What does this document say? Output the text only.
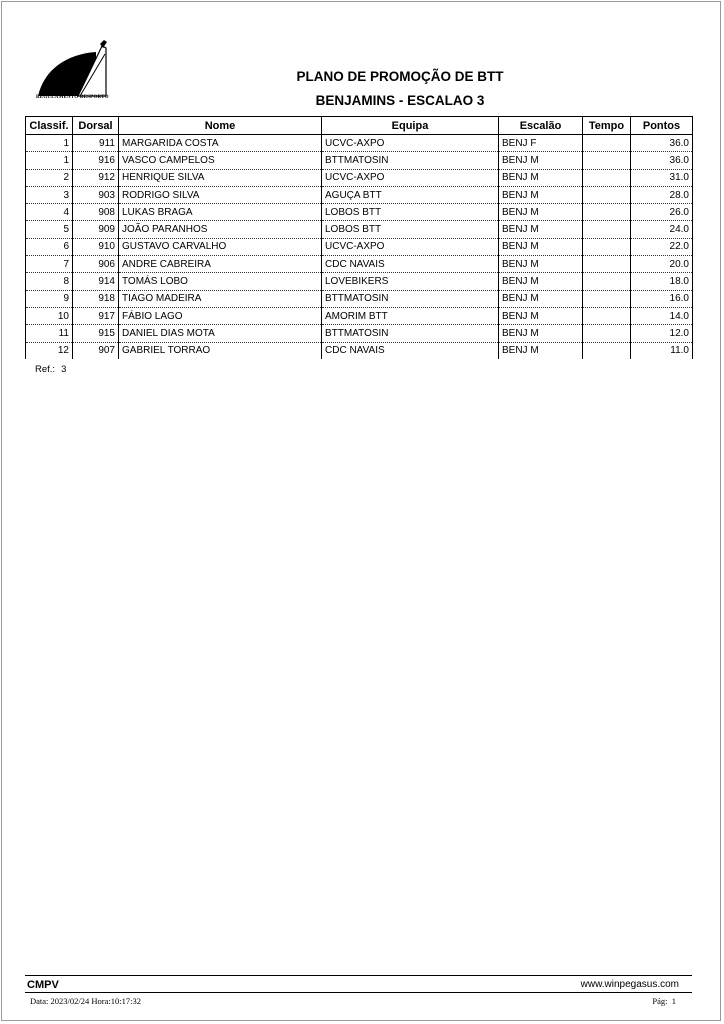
REGULAMENTO DESPORTO
PLANO DE PROMOÇÃO DE BTT
BENJAMINS - ESCALAO 3
Classif.	Dorsal	Nome	Equipa	Escalão	Tempo	Pontos
1	911	MARGARIDA COSTA	UCVC-AXPO	BENJ F		36.0
1	916	VASCO CAMPELOS	BTTMATOSIN	BENJ M		36.0
2	912	HENRIQUE SILVA	UCVC-AXPO	BENJ M		31.0
3	903	RODRIGO SILVA	AGUÇA BTT	BENJ M		28.0
4	908	LUKAS BRAGA	LOBOS BTT	BENJ M		26.0
5	909	JOÃO PARANHOS	LOBOS BTT	BENJ M		24.0
6	910	GUSTAVO CARVALHO	UCVC-AXPO	BENJ M		22.0
7	906	ANDRE CABREIRA	CDC NAVAIS	BENJ M		20.0
8	914	TOMÁS LOBO	LOVEBIKERS	BENJ M		18.0
9	918	TIAGO MADEIRA	BTTMATOSIN	BENJ M		16.0
10	917	FÁBIO LAGO	AMORIM BTT	BENJ M		14.0
11	915	DANIEL DIAS MOTA	BTTMATOSIN	BENJ M		12.0
12	907	GABRIEL TORRAO	CDC NAVAIS	BENJ M		11.0
Ref.: 3
CMPV	www.winpegasus.com
Data: 2023/02/24 Hora:10:17:32	Pág: 1
